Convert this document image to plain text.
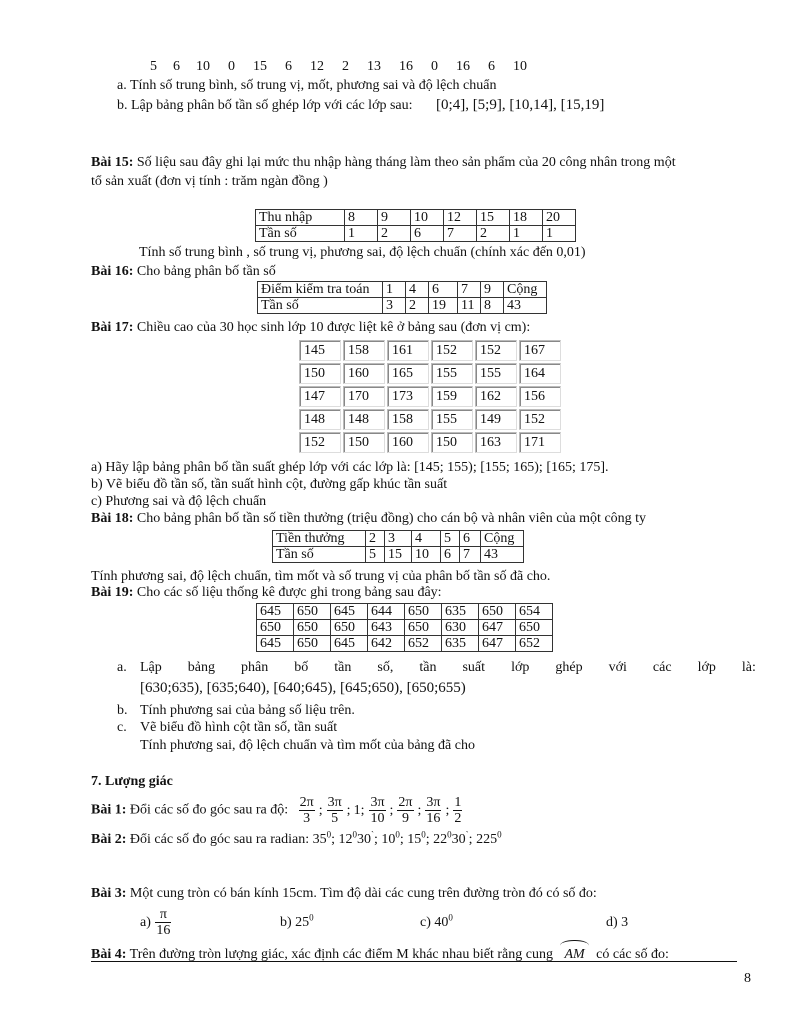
5 6 10 0 15 6 12 2 13 16 0 16 6 10
a. Tính số trung bình, số trung vị, mốt, phương sai và độ lệch chuẩn
b. Lập bảng phân bố tần số ghép lớp với các lớp sau: [0;4], [5;9], [10,14], [15,19]
Bài 15: Số liệu sau đây ghi lại mức thu nhập hàng tháng làm theo sản phẩm của 20 công nhân trong một
tổ sản xuất (đơn vị tính : trăm ngàn đồng )
Thu nhập	8	9	10	12	15	18	20
Tần số	1	2	6	7	2	1	1
Tính số trung bình , số trung vị, phương sai, độ lệch chuẩn (chính xác đến 0,01)
Bài 16: Cho bảng phân bố tần số
Điểm kiểm tra toán	1	4	6	7	9	Cộng
Tần số	3	2	19	11	8	43
Bài 17: Chiều cao của 30 học sinh lớp 10 được liệt kê ở bảng sau (đơn vị cm):
145	158	161	152	152	167
150	160	165	155	155	164
147	170	173	159	162	156
148	148	158	155	149	152
152	150	160	150	163	171
a) Hãy lập bảng phân bố tần suất ghép lớp với các lớp là: [145; 155); [155; 165); [165; 175].
b) Vẽ biểu đồ tần số, tần suất hình cột, đường gấp khúc tần suất
c) Phương sai và độ lệch chuẩn
Bài 18: Cho bảng phân bố tần số tiền thưởng (triệu đồng) cho cán bộ và nhân viên của một công ty
Tiền thưởng	2	3	4	5	6	Cộng
Tần số	5	15	10	6	7	43
Tính phương sai, độ lệch chuẩn, tìm mốt và số trung vị của phân bố tần số đã cho.
Bài 19: Cho các số liệu thống kê được ghi trong bảng sau đây:
645	650	645	644	650	635	650	654
650	650	650	643	650	630	647	650
645	650	645	642	652	635	647	652
a. Lập bảng phân bố tần số, tần suất lớp ghép với các lớp là:
[630;635), [635;640), [640;645), [645;650), [650;655)
b. Tính phương sai của bảng số liệu trên.
c. Vẽ biểu đồ hình cột tần số, tần suất
Tính phương sai, độ lệch chuẩn và tìm mốt của bảng đã cho
7. Lượng giác
Bài 1: Đổi các số đo góc sau ra độ: $\frac{2\pi}{3}$ ; $\frac{3\pi}{5}$ ; 1; $\frac{3\pi}{10}$ ; $\frac{2\pi}{9}$ ; $\frac{3\pi}{16}$ ; $\frac{1}{2}$
Bài 2: Đổi các số đo góc sau ra radian: $35^0$; $12^030^`$; $10^0$; $15^0$; $22^030^`$; $225^0$
Bài 3: Một cung tròn có bán kính 15cm. Tìm độ dài các cung trên đường tròn đó có số đo:
$a) \frac{\pi}{16}$	b) $25^0$	c) $40^0$	d) 3
Bài 4: Trên đường tròn lượng giác, xác định các điểm M khác nhau biết rằng cung AM có các số đo:
8
